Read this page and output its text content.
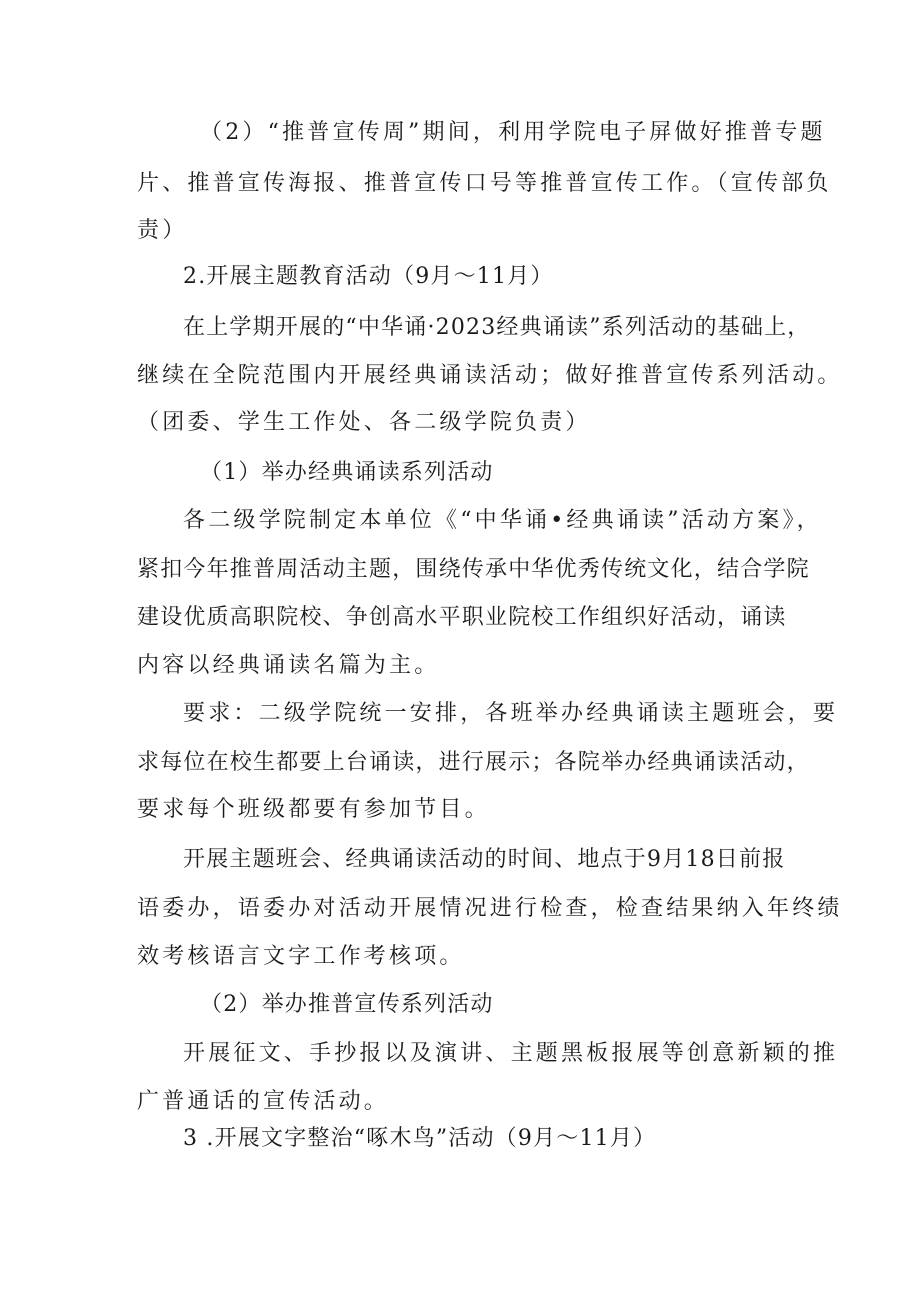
（2）“推普宣传周”期间，利用学院电子屏做好推普专题
片、推普宣传海报、推普宣传口号等推普宣传工作。（宣传部负
责）
2.开展主题教育活动（9月～11月）
在上学期开展的“中华诵·2023经典诵读”系列活动的基础上，
继续在全院范围内开展经典诵读活动；做好推普宣传系列活动。
（团委、学生工作处、各二级学院负责）
（1）举办经典诵读系列活动
各二级学院制定本单位《“中华诵•经典诵读”活动方案》，
紧扣今年推普周活动主题，围绕传承中华优秀传统文化，结合学院
建设优质高职院校、争创高水平职业院校工作组织好活动，诵读
内容以经典诵读名篇为主。
要求：二级学院统一安排，各班举办经典诵读主题班会，要
求每位在校生都要上台诵读，进行展示；各院举办经典诵读活动，
要求每个班级都要有参加节目。
开展主题班会、经典诵读活动的时间、地点于9月18日前报
语委办，语委办对活动开展情况进行检查，检查结果纳入年终绩
效考核语言文字工作考核项。
（2）举办推普宣传系列活动
开展征文、手抄报以及演讲、主题黑板报展等创意新颖的推
广普通话的宣传活动。
3 .开展文字整治“啄木鸟”活动（9月～11月）
